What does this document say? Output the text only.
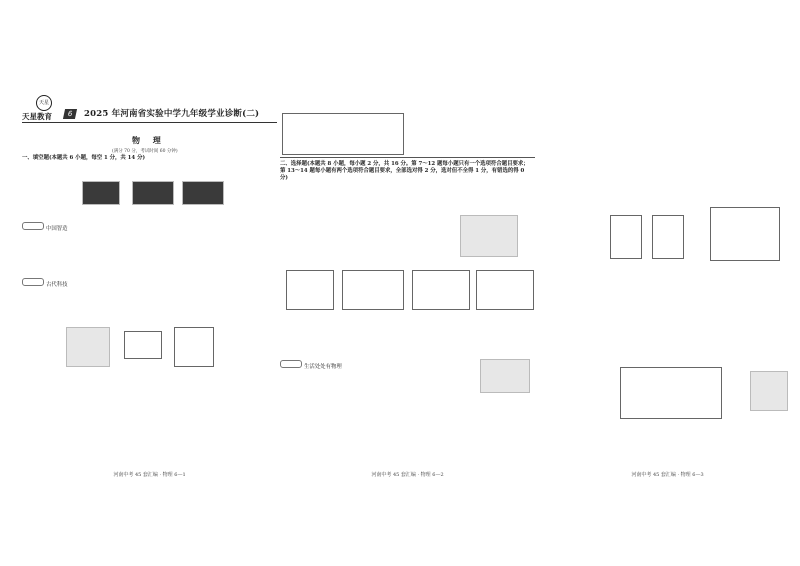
天星
天星教育	6	2025 年河南省实验中学九年级学业诊断(二)
物 理
(满分 70 分，考试时间 60 分钟)
一、填空题(本题共 6 小题，每空 1 分，共 14 分)
中国智造
古代科技
河南中考 45 套汇编 · 物理 6—1
二、选择题(本题共 8 小题，每小题 2 分，共 16 分。第 7～12 题每小题只有一个选项符合题目要求；第 13～14 题每小题有两个选项符合题目要求，全部选对得 2 分，选对但不全得 1 分，有错选的得 0 分)
生活处处有物理
河南中考 45 套汇编 · 物理 6—2	河南中考 45 套汇编 · 物理 6—3
